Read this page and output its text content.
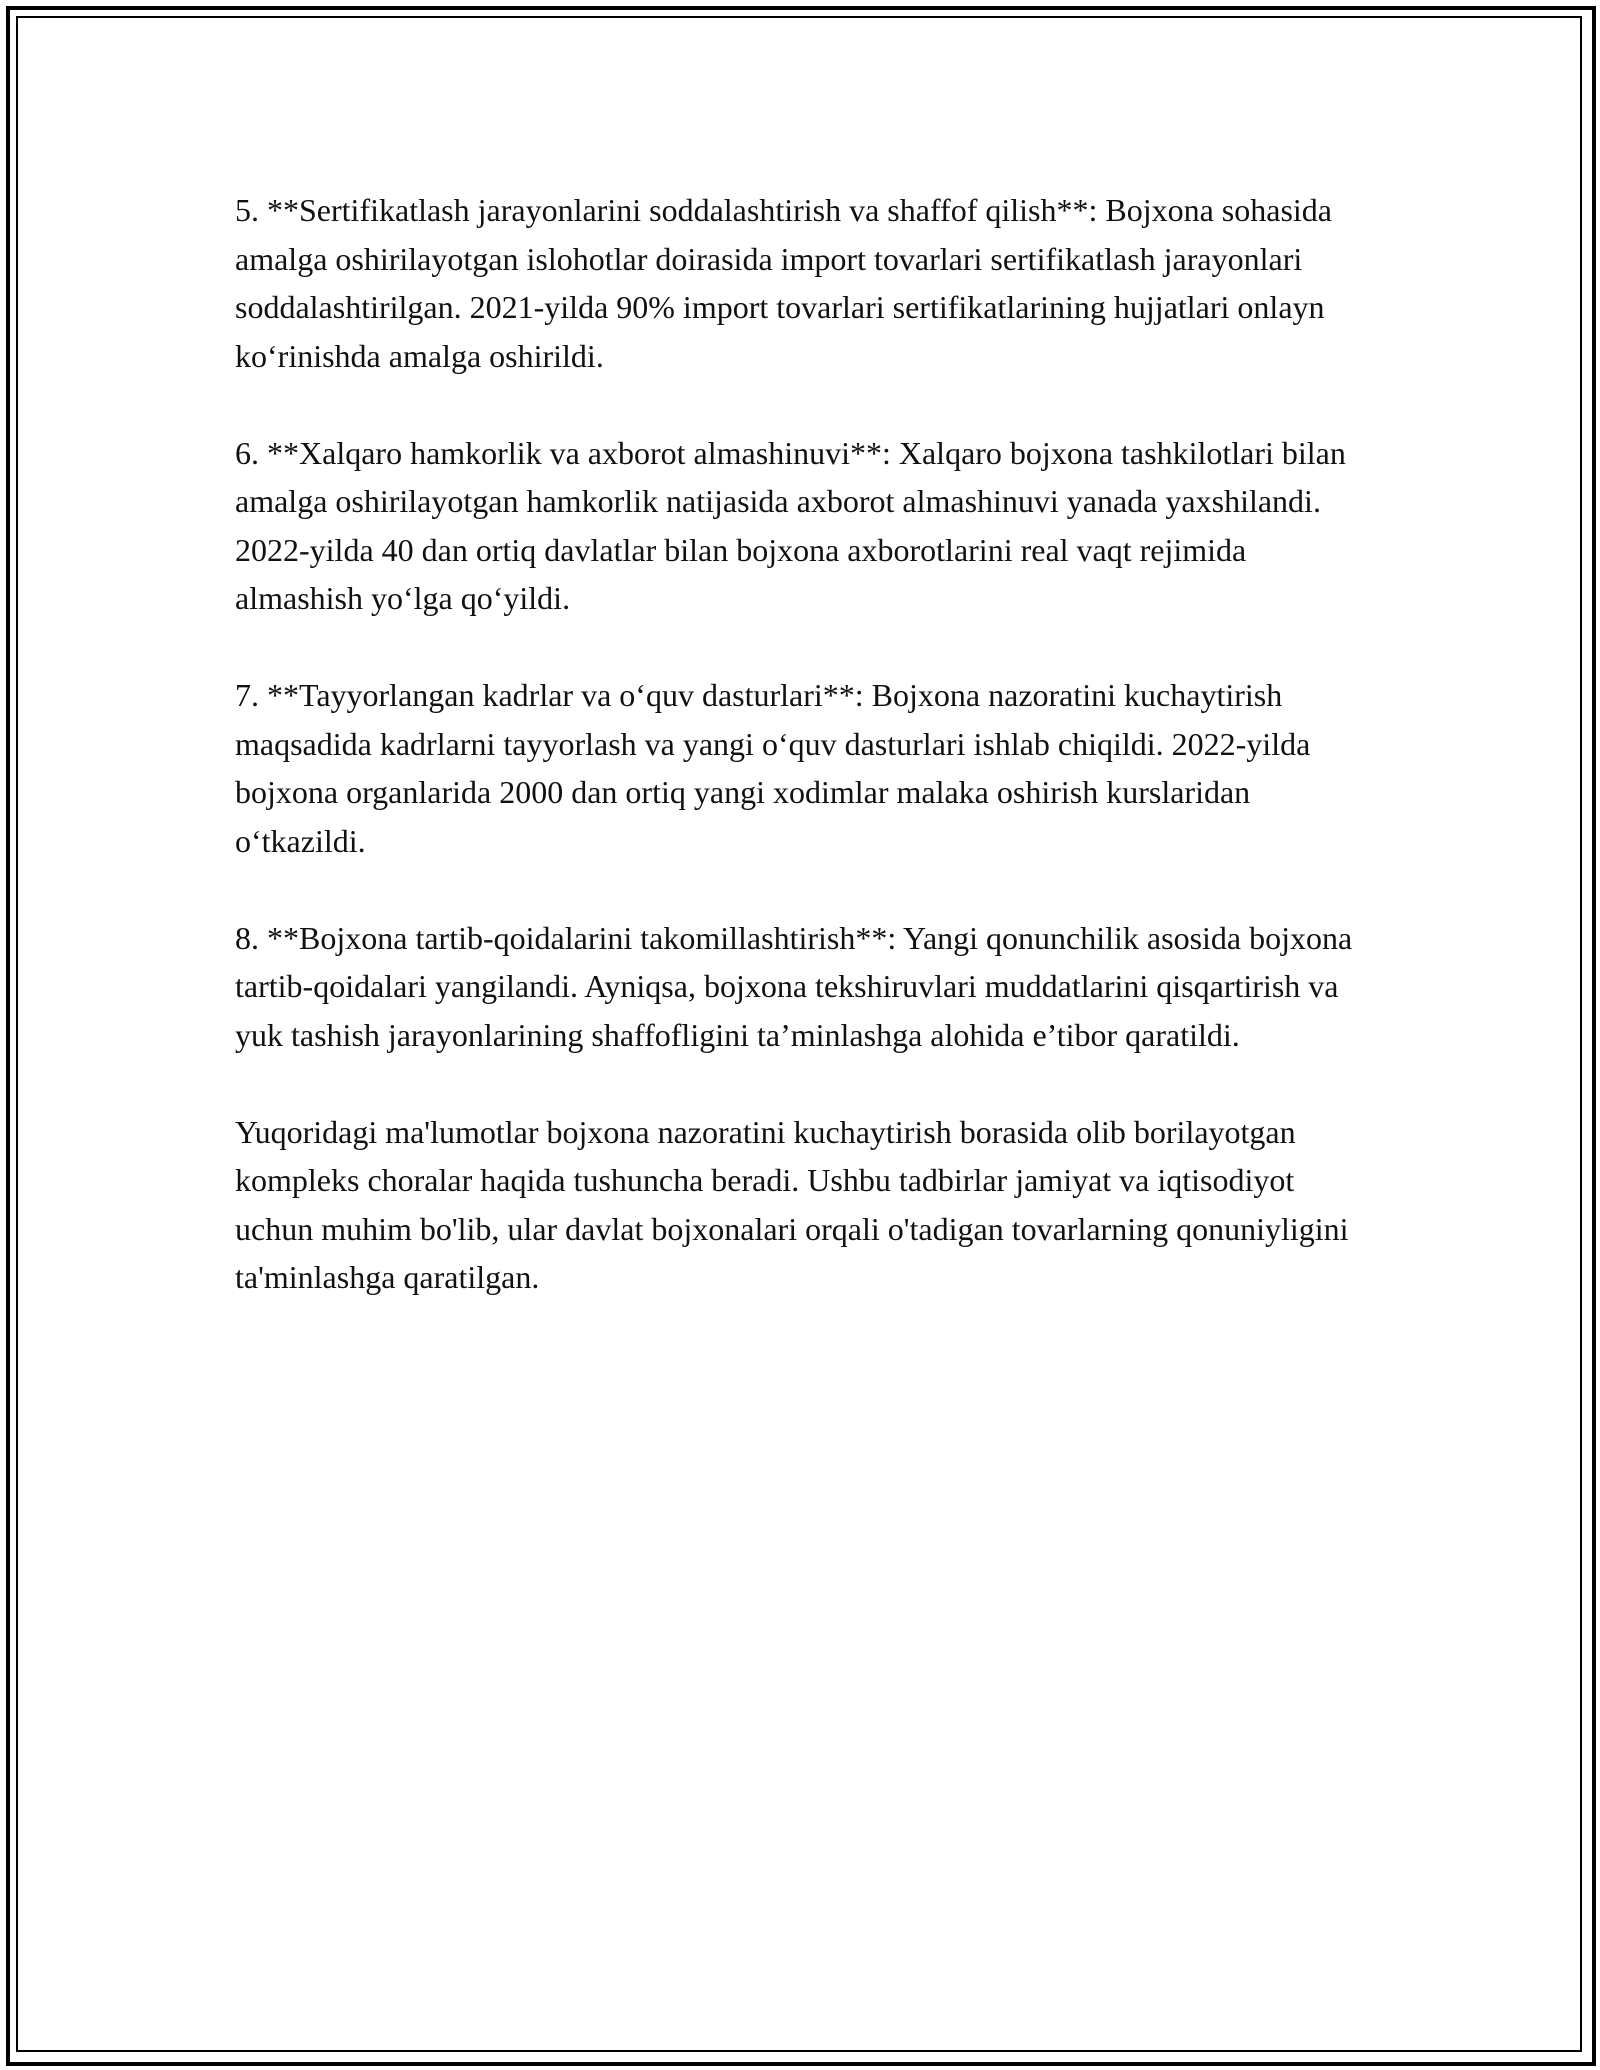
5. **Sertifikatlash jarayonlarini soddalashtirish va shaffof qilish**: Bojxona sohasida amalga oshirilayotgan islohotlar doirasida import tovarlari sertifikatlash jarayonlari soddalashtirilgan. 2021-yilda 90% import tovarlari sertifikatlarining hujjatlari onlayn ko‘rinishda amalga oshirildi.

6. **Xalqaro hamkorlik va axborot almashinuvi**: Xalqaro bojxona tashkilotlari bilan amalga oshirilayotgan hamkorlik natijasida axborot almashinuvi yanada yaxshilandi. 2022-yilda 40 dan ortiq davlatlar bilan bojxona axborotlarini real vaqt rejimida almashish yo‘lga qo‘yildi.

7. **Tayyorlangan kadrlar va o‘quv dasturlari**: Bojxona nazoratini kuchaytirish maqsadida kadrlarni tayyorlash va yangi o‘quv dasturlari ishlab chiqildi. 2022-yilda bojxona organlarida 2000 dan ortiq yangi xodimlar malaka oshirish kurslaridan o‘tkazildi.

8. **Bojxona tartib-qoidalarini takomillashtirish**: Yangi qonunchilik asosida bojxona tartib-qoidalari yangilandi. Ayniqsa, bojxona tekshiruvlari muddatlarini qisqartirish va yuk tashish jarayonlarining shaffofligini ta’minlashga alohida e’tibor qaratildi.

Yuqoridagi ma'lumotlar bojxona nazoratini kuchaytirish borasida olib borilayotgan kompleks choralar haqida tushuncha beradi. Ushbu tadbirlar jamiyat va iqtisodiyot uchun muhim bo'lib, ular davlat bojxonalari orqali o'tadigan tovarlarning qonuniyligini ta'minlashga qaratilgan.
